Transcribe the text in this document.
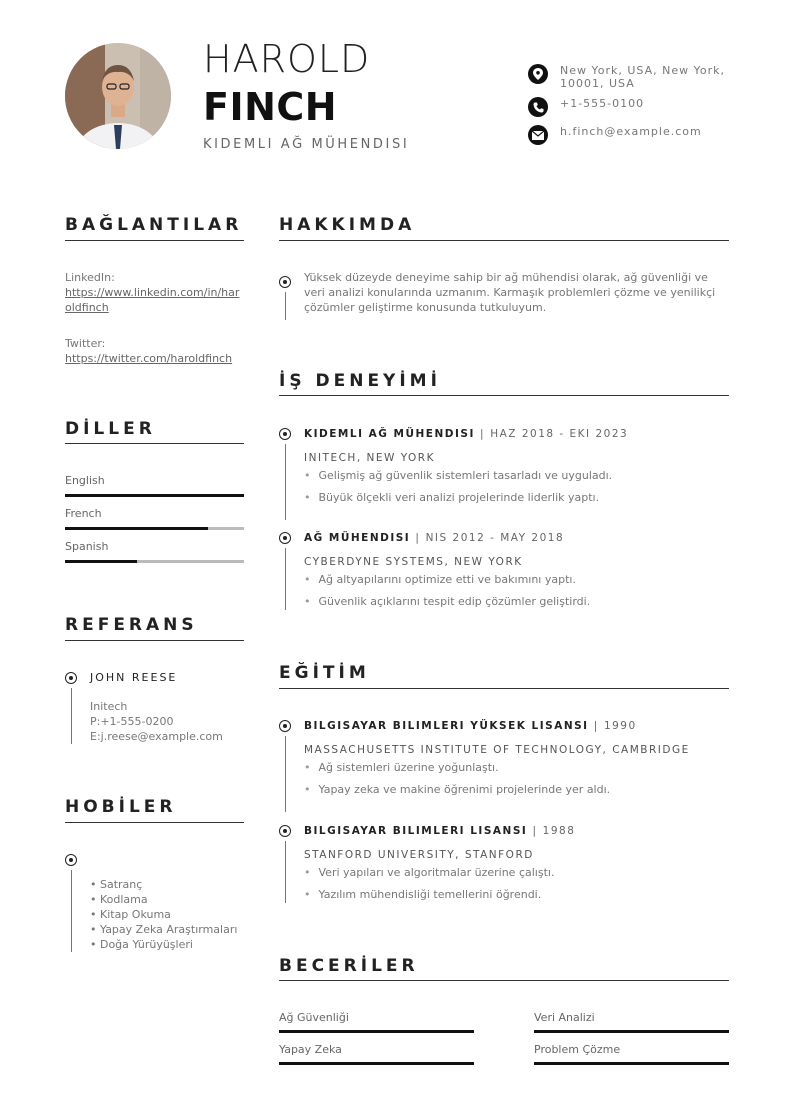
HAROLD
FINCH
KIDEMLI AĞ MÜHENDISI
New York, USA, New York, 10001, USA
+1-555-0100
h.finch@example.com
BAĞLANTILAR
LinkedIn:
https://www.linkedin.com/in/haroldfinch
Twitter:
https://twitter.com/haroldfinch
DİLLER
English
French
Spanish
REFERANS
JOHN REESE
Initech
P:+1-555-0200
E:j.reese@example.com
HOBİLER
• Satranç
• Kodlama
• Kitap Okuma
• Yapay Zeka Araştırmaları
• Doğa Yürüyüşleri
HAKKIMDA
Yüksek düzeyde deneyime sahip bir ağ mühendisi olarak, ağ güvenliği ve veri analizi konularında uzmanım. Karmaşık problemleri çözme ve yenilikçi çözümler geliştirme konusunda tutkuluyum.
İŞ DENEYİMİ
KIDEMLI AĞ MÜHENDISI | HAZ 2018 - EKI 2023
INITECH, NEW YORK
• Gelişmiş ağ güvenlik sistemleri tasarladı ve uyguladı.
• Büyük ölçekli veri analizi projelerinde liderlik yaptı.
AĞ MÜHENDISI | NIS 2012 - MAY 2018
CYBERDYNE SYSTEMS, NEW YORK
• Ağ altyapılarını optimize etti ve bakımını yaptı.
• Güvenlik açıklarını tespit edip çözümler geliştirdi.
EĞİTİM
BILGISAYAR BILIMLERI YÜKSEK LISANSI | 1990
MASSACHUSETTS INSTITUTE OF TECHNOLOGY, CAMBRIDGE
• Ağ sistemleri üzerine yoğunlaştı.
• Yapay zeka ve makine öğrenimi projelerinde yer aldı.
BILGISAYAR BILIMLERI LISANSI | 1988
STANFORD UNIVERSITY, STANFORD
• Veri yapıları ve algoritmalar üzerine çalıştı.
• Yazılım mühendisliği temellerini öğrendi.
BECERİLER
Ağ Güvenliği	Veri Analizi
Yapay Zeka	Problem Çözme
